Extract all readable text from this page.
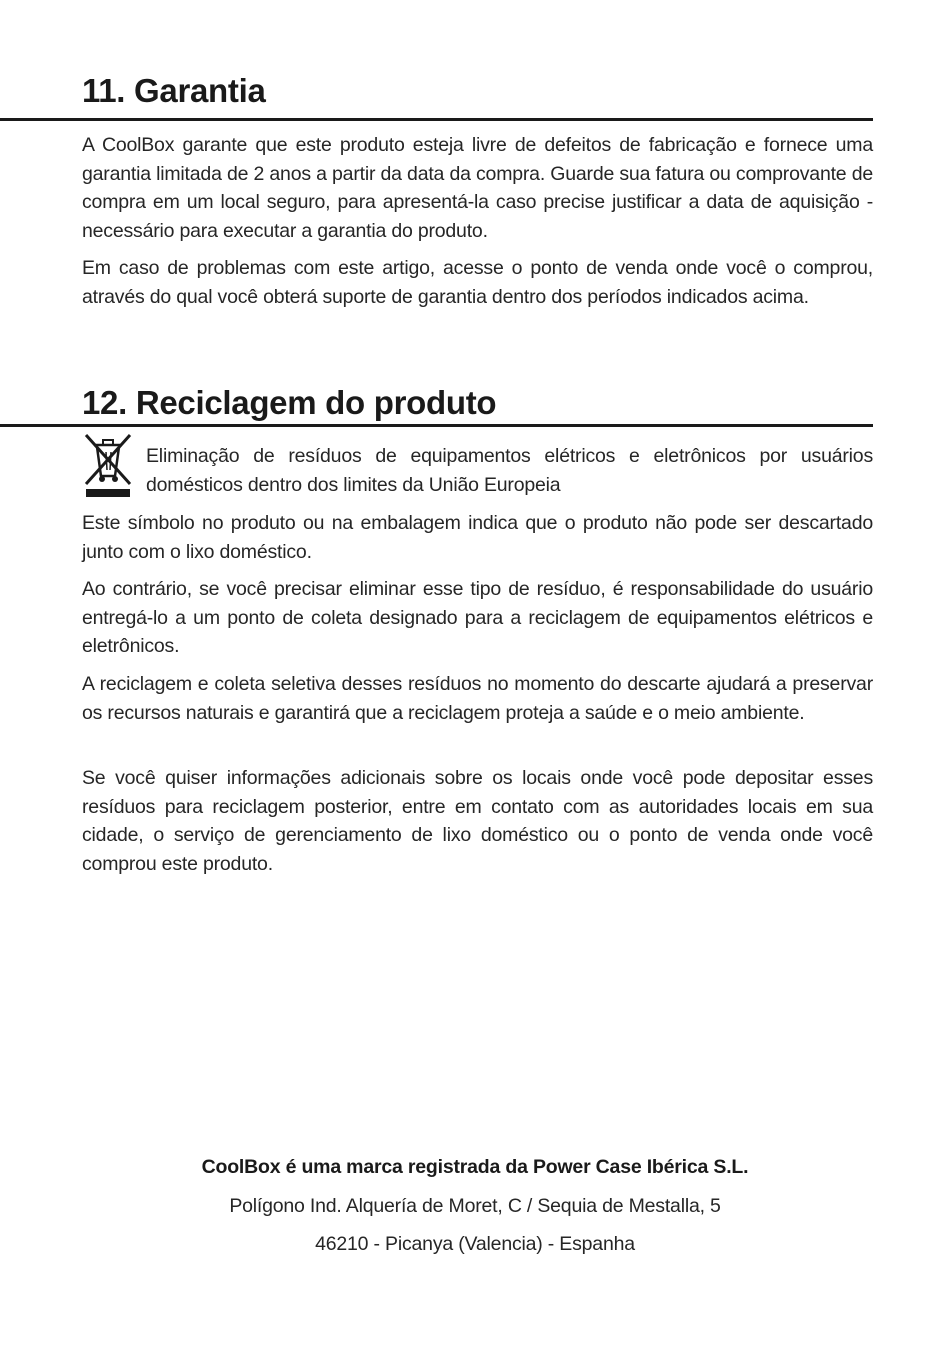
11. Garantia

A CoolBox garante que este produto esteja livre de defeitos de fabricação e fornece uma garantia limitada de 2 anos a partir da data da compra. Guarde sua fatura ou comprovante de compra em um local seguro, para apresentá-la caso precise justificar a data de aquisição - necessário para executar a garantia do produto.

Em caso de problemas com este artigo, acesse o ponto de venda onde você o comprou, através do qual você obterá suporte de garantia dentro dos períodos indicados acima.

12. Reciclagem do produto

Eliminação de resíduos de equipamentos elétricos e eletrônicos por usuários domésticos dentro dos limites da União Europeia

Este símbolo no produto ou na embalagem indica que o produto não pode ser descartado junto com o lixo doméstico.

Ao contrário, se você precisar eliminar esse tipo de resíduo, é responsabilidade do usuário entregá-lo a um ponto de coleta designado para a reciclagem de equipamentos elétricos e eletrônicos.

A reciclagem e coleta seletiva desses resíduos no momento do descarte ajudará a preservar os recursos naturais e garantirá que a reciclagem proteja a saúde e o meio ambiente.

Se você quiser informações adicionais sobre os locais onde você pode depositar esses resíduos para reciclagem posterior, entre em contato com as autoridades locais em sua cidade, o serviço de gerenciamento de lixo doméstico ou o ponto de venda onde você comprou este produto.

CoolBox é uma marca registrada da Power Case Ibérica S.L.

Polígono Ind. Alquería de Moret, C / Sequia de Mestalla, 5

46210 - Picanya (Valencia) - Espanha
